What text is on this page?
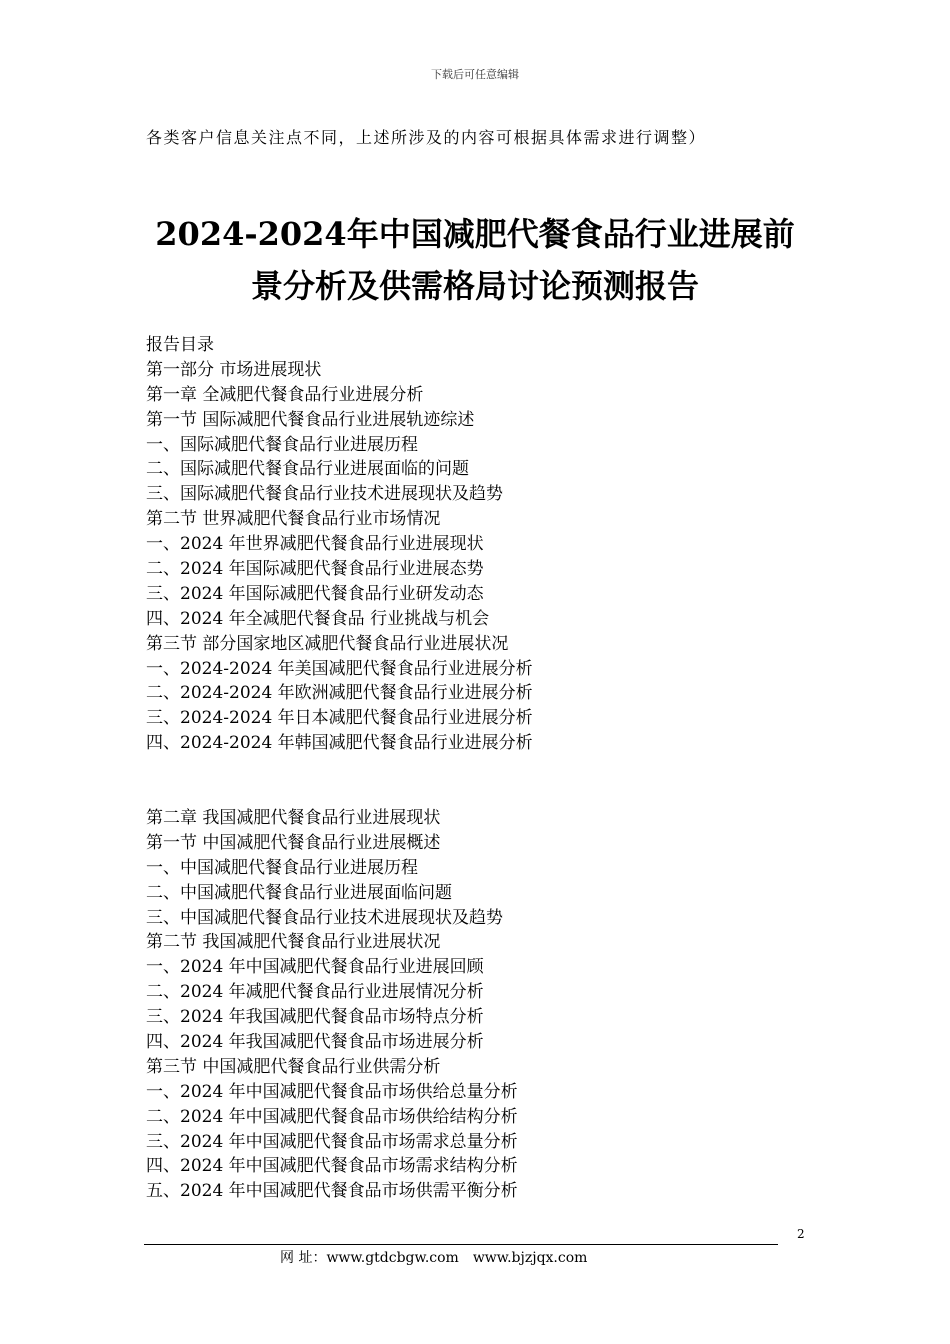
下载后可任意编辑
各类客户信息关注点不同，上述所涉及的内容可根据具体需求进行调整）
2024-2024年中国减肥代餐食品行业进展前
景分析及供需格局讨论预测报告
报告目录
第一部分 市场进展现状
第一章 全减肥代餐食品行业进展分析
第一节 国际减肥代餐食品行业进展轨迹综述
一、国际减肥代餐食品行业进展历程
二、国际减肥代餐食品行业进展面临的问题
三、国际减肥代餐食品行业技术进展现状及趋势
第二节 世界减肥代餐食品行业市场情况
一、2024 年世界减肥代餐食品行业进展现状
二、2024 年国际减肥代餐食品行业进展态势
三、2024 年国际减肥代餐食品行业研发动态
四、2024 年全减肥代餐食品 行业挑战与机会
第三节 部分国家地区减肥代餐食品行业进展状况
一、2024-2024 年美国减肥代餐食品行业进展分析
二、2024-2024 年欧洲减肥代餐食品行业进展分析
三、2024-2024 年日本减肥代餐食品行业进展分析
四、2024-2024 年韩国减肥代餐食品行业进展分析
第二章 我国减肥代餐食品行业进展现状
第一节 中国减肥代餐食品行业进展概述
一、中国减肥代餐食品行业进展历程
二、中国减肥代餐食品行业进展面临问题
三、中国减肥代餐食品行业技术进展现状及趋势
第二节 我国减肥代餐食品行业进展状况
一、2024 年中国减肥代餐食品行业进展回顾
二、2024 年减肥代餐食品行业进展情况分析
三、2024 年我国减肥代餐食品市场特点分析
四、2024 年我国减肥代餐食品市场进展分析
第三节 中国减肥代餐食品行业供需分析
一、2024 年中国减肥代餐食品市场供给总量分析
二、2024 年中国减肥代餐食品市场供给结构分析
三、2024 年中国减肥代餐食品市场需求总量分析
四、2024 年中国减肥代餐食品市场需求结构分析
五、2024 年中国减肥代餐食品市场供需平衡分析
2
网 址：www.gtdcbgw.com　www.bjzjqx.com
